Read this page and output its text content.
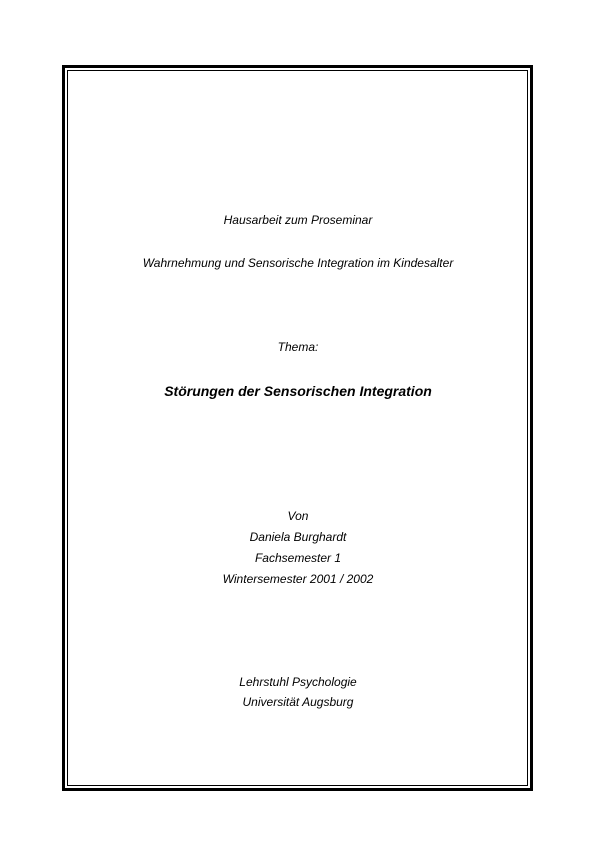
Hausarbeit zum Proseminar
Wahrnehmung und Sensorische Integration im Kindesalter
Thema:
Störungen der Sensorischen Integration
Von
Daniela Burghardt
Fachsemester 1
Wintersemester 2001 / 2002
Lehrstuhl Psychologie
Universität Augsburg
